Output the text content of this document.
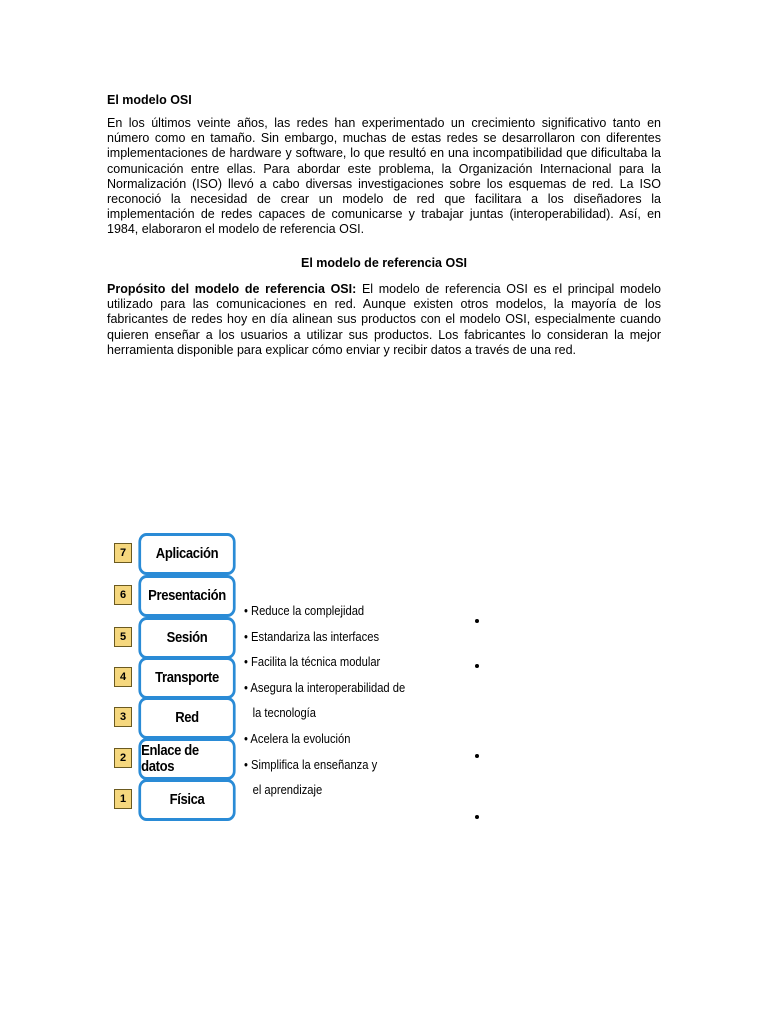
El modelo OSI
En los últimos veinte años, las redes han experimentado un crecimiento significativo tanto en número como en tamaño. Sin embargo, muchas de estas redes se desarrollaron con diferentes implementaciones de hardware y software, lo que resultó en una incompatibilidad que dificultaba la comunicación entre ellas. Para abordar este problema, la Organización Internacional para la Normalización (ISO) llevó a cabo diversas investigaciones sobre los esquemas de red. La ISO reconoció la necesidad de crear un modelo de red que facilitara a los diseñadores la implementación de redes capaces de comunicarse y trabajar juntas (interoperabilidad). Así, en 1984, elaboraron el modelo de referencia OSI.
El modelo de referencia OSI
Propósito del modelo de referencia OSI: El modelo de referencia OSI es el principal modelo utilizado para las comunicaciones en red. Aunque existen otros modelos, la mayoría de los fabricantes de redes hoy en día alinean sus productos con el modelo OSI, especialmente cuando quieren enseñar a los usuarios a utilizar sus productos. Los fabricantes lo consideran la mejor herramienta disponible para explicar cómo enviar y recibir datos a través de una red.
7	Aplicación
6	Presentación
5	Sesión
4	Transporte
3	Red
2	Enlace de datos
1	Física
• Reduce la complejidad
• Estandariza las interfaces
• Facilita la técnica modular
• Asegura la interoperabilidad de
la tecnología
• Acelera la evolución
• Simplifica la enseñanza y
el aprendizaje
